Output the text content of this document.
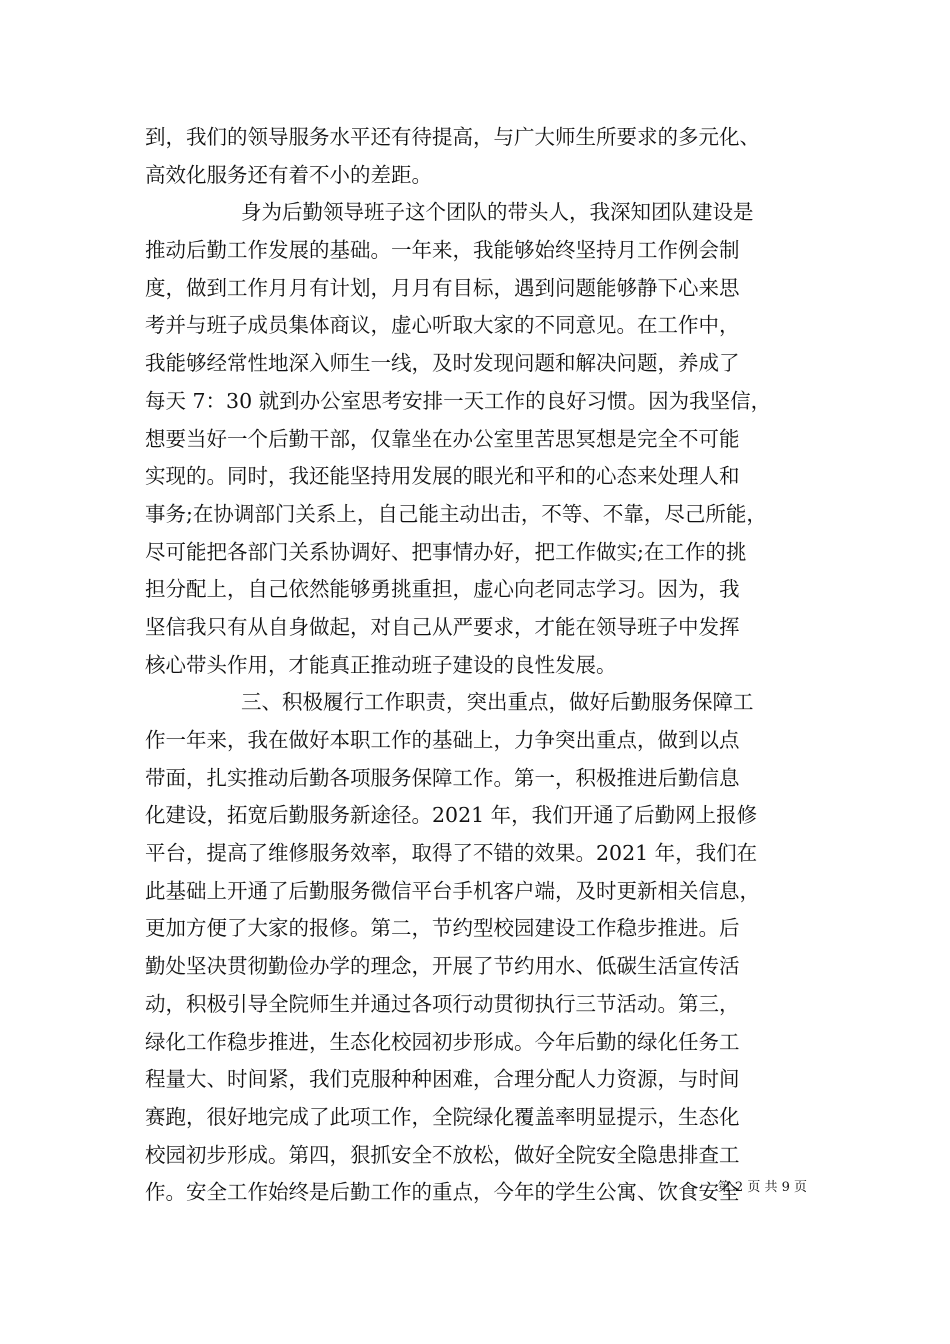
到，我们的领导服务水平还有待提高，与广大师生所要求的多元化、
高效化服务还有着不小的差距。
身为后勤领导班子这个团队的带头人，我深知团队建设是
推动后勤工作发展的基础。一年来，我能够始终坚持月工作例会制
度，做到工作月月有计划，月月有目标，遇到问题能够静下心来思
考并与班子成员集体商议，虚心听取大家的不同意见。在工作中，
我能够经常性地深入师生一线，及时发现问题和解决问题，养成了
每天 7：30 就到办公室思考安排一天工作的良好习惯。因为我坚信，
想要当好一个后勤干部，仅靠坐在办公室里苦思冥想是完全不可能
实现的。同时，我还能坚持用发展的眼光和平和的心态来处理人和
事务;在协调部门关系上，自己能主动出击，不等、不靠，尽己所能，
尽可能把各部门关系协调好、把事情办好，把工作做实;在工作的挑
担分配上，自己依然能够勇挑重担，虚心向老同志学习。因为，我
坚信我只有从自身做起，对自己从严要求，才能在领导班子中发挥
核心带头作用，才能真正推动班子建设的良性发展。
三、积极履行工作职责，突出重点，做好后勤服务保障工
作一年来，我在做好本职工作的基础上，力争突出重点，做到以点
带面，扎实推动后勤各项服务保障工作。第一，积极推进后勤信息
化建设，拓宽后勤服务新途径。2021 年，我们开通了后勤网上报修
平台，提高了维修服务效率，取得了不错的效果。2021 年，我们在
此基础上开通了后勤服务微信平台手机客户端，及时更新相关信息，
更加方便了大家的报修。第二，节约型校园建设工作稳步推进。后
勤处坚决贯彻勤俭办学的理念，开展了节约用水、低碳生活宣传活
动，积极引导全院师生并通过各项行动贯彻执行三节活动。第三，
绿化工作稳步推进，生态化校园初步形成。今年后勤的绿化任务工
程量大、时间紧，我们克服种种困难，合理分配人力资源，与时间
赛跑，很好地完成了此项工作，全院绿化覆盖率明显提示，生态化
校园初步形成。第四，狠抓安全不放松，做好全院安全隐患排查工
作。安全工作始终是后勤工作的重点，今年的学生公寓、饮食安全
第 2 页 共 9 页
